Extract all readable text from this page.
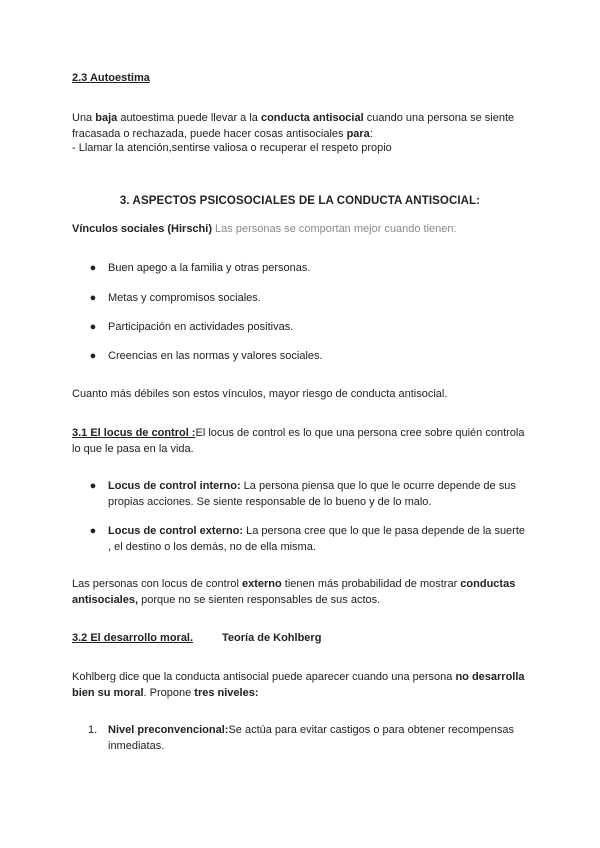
2.3 Autoestima
Una baja autoestima puede llevar a la conducta antisocial cuando una persona se siente fracasada o rechazada, puede hacer cosas antisociales para:
- Llamar la atención,sentirse valiosa o recuperar el respeto propio
3. ASPECTOS PSICOSOCIALES DE LA CONDUCTA ANTISOCIAL:
Vínculos sociales (Hirschi) Las personas se comportan mejor cuando tienen:
● Buen apego a la familia y otras personas.
● Metas y compromisos sociales.
● Participación en actividades positivas.
● Creencias en las normas y valores sociales.
Cuanto más débiles son estos vínculos, mayor riesgo de conducta antisocial.
3.1 El locus de control :El locus de control es lo que una persona cree sobre quién controla lo que le pasa en la vida.
● Locus de control interno: La persona piensa que lo que le ocurre depende de sus propias acciones. Se siente responsable de lo bueno y de lo malo.
● Locus de control externo: La persona cree que lo que le pasa depende de la suerte , el destino o los demás, no de ella misma.
Las personas con locus de control externo tienen más probabilidad de mostrar conductas antisociales, porque no se sienten responsables de sus actos.
3.2 El desarrollo moral.	Teoría de Kohlberg
Kohlberg dice que la conducta antisocial puede aparecer cuando una persona no desarrolla bien su moral. Propone tres niveles:
1. Nivel preconvencional:Se actúa para evitar castigos o para obtener recompensas inmediatas.
